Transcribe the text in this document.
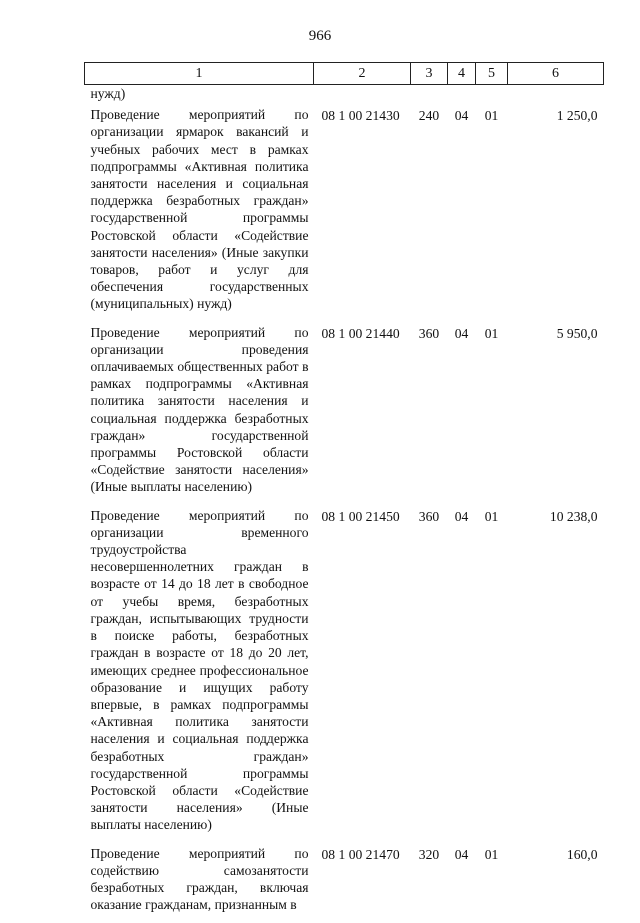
966
1	2	3	4	5	6
нужд)					
Проведение мероприятий по организации ярмарок вакансий и учебных рабочих мест в рамках подпрограммы «Активная политика занятости населения и социальная поддержка безработных граждан» государственной программы Ростовской области «Содействие занятости населения» (Иные закупки товаров, работ и услуг для обеспечения государственных (муниципальных) нужд)	08 1 00 21430	240	04	01	1 250,0
Проведение мероприятий по организации проведения оплачиваемых общественных работ в рамках подпрограммы «Активная политика занятости населения и социальная поддержка безработных граждан» государственной программы Ростовской области «Содействие занятости населения» (Иные выплаты населению)	08 1 00 21440	360	04	01	5 950,0
Проведение мероприятий по организации временного трудоустройства несовершеннолетних граждан в возрасте от 14 до 18 лет в свободное от учебы время, безработных граждан, испытывающих трудности в поиске работы, безработных граждан в возрасте от 18 до 20 лет, имеющих среднее профессиональное образование и ищущих работу впервые, в рамках подпрограммы «Активная политика занятости населения и социальная поддержка безработных граждан» государственной программы Ростовской области «Содействие занятости населения» (Иные выплаты населению)	08 1 00 21450	360	04	01	10 238,0
Проведение мероприятий по содействию самозанятости безработных граждан, включая оказание гражданам, признанным в	08 1 00 21470	320	04	01	160,0
